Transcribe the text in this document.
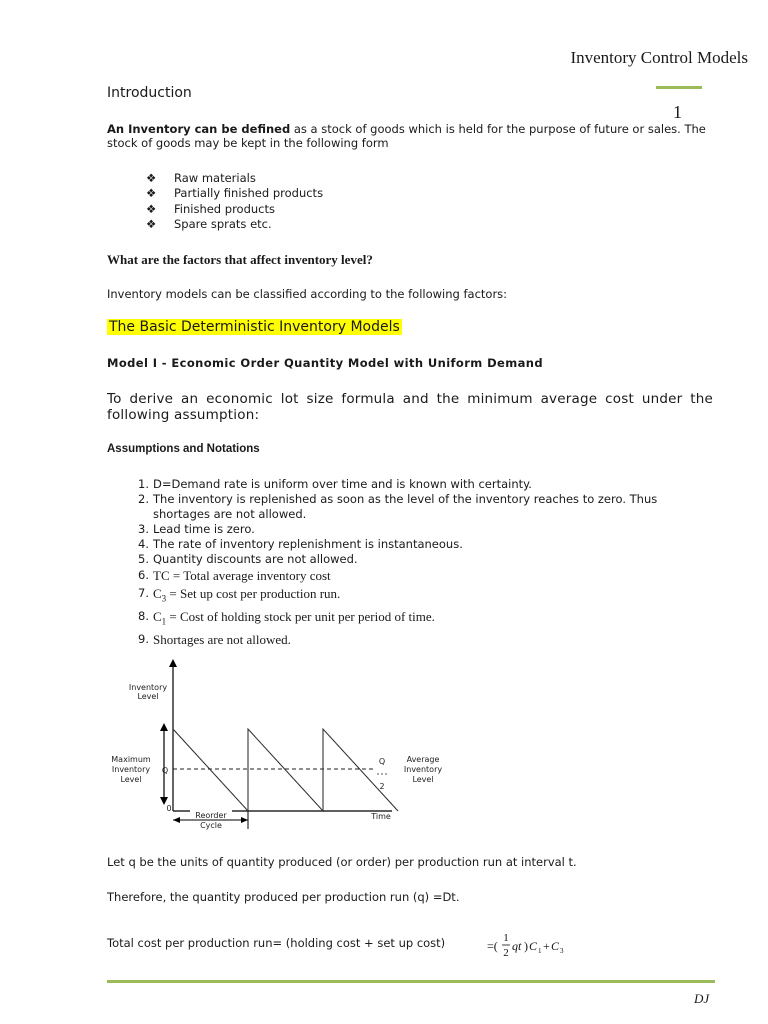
Inventory Control Models
1
Introduction
An Inventory can be defined as a stock of goods which is held for the purpose of future or sales. The stock of goods may be kept in the following form
❖ Raw materials
❖ Partially finished products
❖ Finished products
❖ Spare sprats etc.
What are the factors that affect inventory level?
Inventory models can be classified according to the following factors:
The Basic Deterministic Inventory Models
Model I - Economic Order Quantity Model with Uniform Demand
To derive an economic lot size formula and the minimum average cost under the following assumption:
Assumptions and Notations
1. D=Demand rate is uniform over time and is known with certainty.
2. The inventory is replenished as soon as the level of the inventory reaches to zero. Thus shortages are not allowed.
3. Lead time is zero.
4. The rate of inventory replenishment is instantaneous.
5. Quantity discounts are not allowed.
6. TC = Total average inventory cost
7. $C_3$ = Set up cost per production run.
8. $C_1$ = Cost of holding stock per unit per period of time.
9. Shortages are not allowed.
Inventory
Level
Maximum
Inventory
Level
Q
0
Q
2
Average
Inventory
Level
Reorder
Cycle
Time
Let q be the units of quantity produced (or order) per production run at interval t.
Therefore, the quantity produced per production run (q) =Dt.
Total cost per production run= (holding cost + set up cost)	=(
1
2 qt ) C 1 + C 3
DJ
